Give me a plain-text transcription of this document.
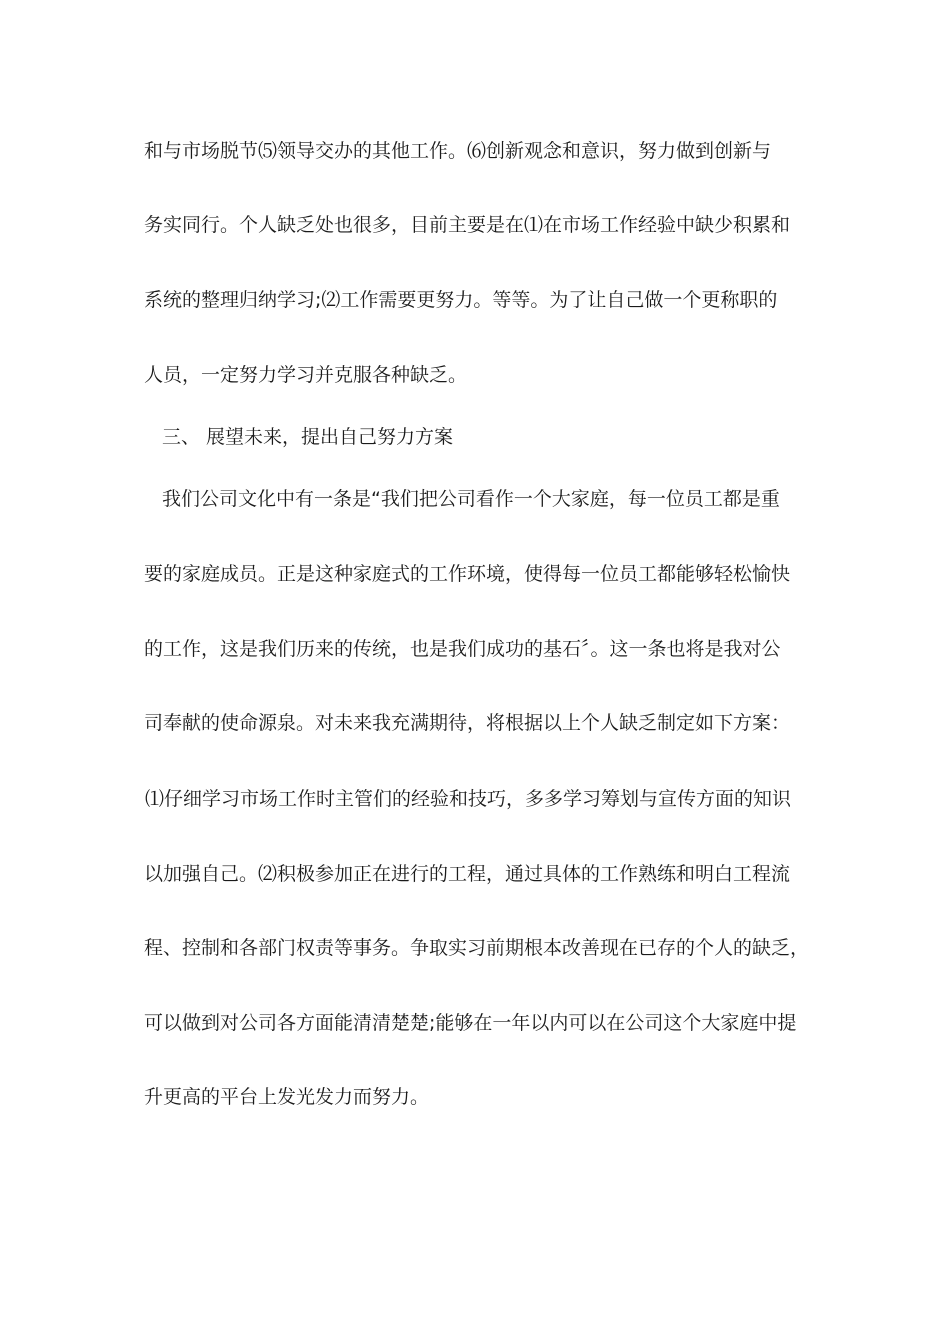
和与市场脱节⑸领导交办的其他工作。⑹创新观念和意识，努力做到创新与
务实同行。个人缺乏处也很多，目前主要是在⑴在市场工作经验中缺少积累和
系统的整理归纳学习;⑵工作需要更努力。等等。为了让自己做一个更称职的
人员，一定努力学习并克服各种缺乏。
三、 展望未来，提出自己努力方案
我们公司文化中有一条是“我们把公司看作一个大家庭，每一位员工都是重
要的家庭成员。正是这种家庭式的工作环境，使得每一位员工都能够轻松愉快
的工作，这是我们历来的传统，也是我们成功的基石〞。这一条也将是我对公
司奉献的使命源泉。对未来我充满期待，将根据以上个人缺乏制定如下方案：
⑴仔细学习市场工作时主管们的经验和技巧，多多学习筹划与宣传方面的知识
以加强自己。⑵积极参加正在进行的工程，通过具体的工作熟练和明白工程流
程、控制和各部门权责等事务。争取实习前期根本改善现在已存的个人的缺乏，
可以做到对公司各方面能清清楚楚;能够在一年以内可以在公司这个大家庭中提
升更高的平台上发光发力而努力。
